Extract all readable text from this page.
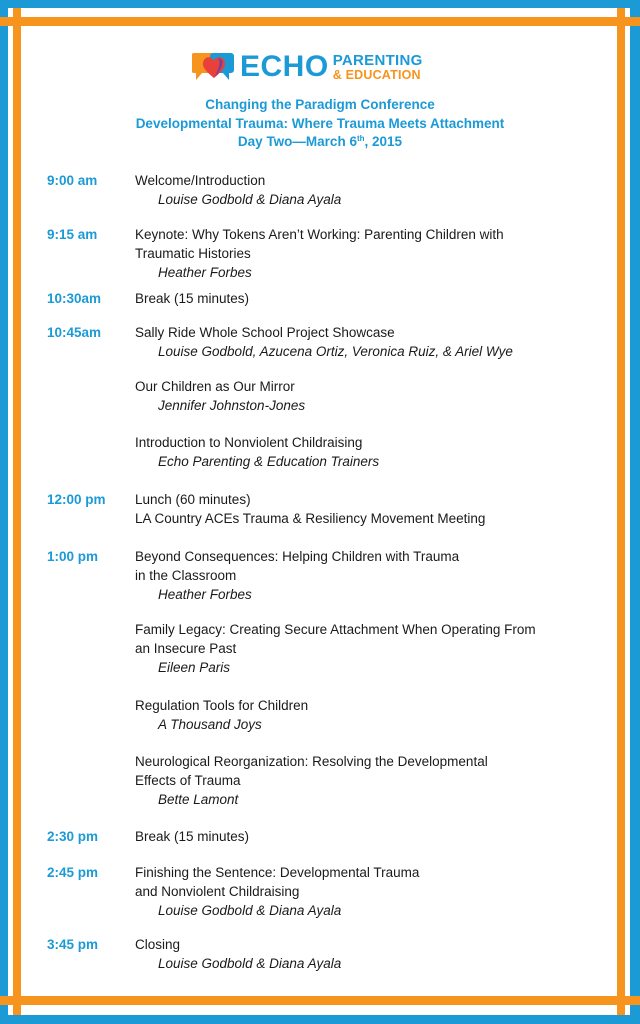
ECHO PARENTING
& EDUCATION
Changing the Paradigm Conference
Developmental Trauma: Where Trauma Meets Attachment
Day Two—March 6th, 2015
9:00 am	Welcome/Introduction
Louise Godbold & Diana Ayala
9:15 am	Keynote: Why Tokens Aren’t Working: Parenting Children with
Traumatic Histories
Heather Forbes
10:30am	Break (15 minutes)
10:45am	Sally Ride Whole School Project Showcase
Louise Godbold, Azucena Ortiz, Veronica Ruiz, & Ariel Wye
Our Children as Our Mirror
Jennifer Johnston-Jones
Introduction to Nonviolent Childraising
Echo Parenting & Education Trainers
12:00 pm Lunch (60 minutes)
LA Country ACEs Trauma & Resiliency Movement Meeting
1:00 pm	Beyond Consequences: Helping Children with Trauma
in the Classroom
Heather Forbes
Family Legacy: Creating Secure Attachment When Operating From
an Insecure Past
Eileen Paris
Regulation Tools for Children
A Thousand Joys
Neurological Reorganization: Resolving the Developmental
Effects of Trauma
Bette Lamont
2:30 pm	Break (15 minutes)
2:45 pm	Finishing the Sentence: Developmental Trauma
and Nonviolent Childraising
Louise Godbold & Diana Ayala
3:45 pm	Closing
Louise Godbold & Diana Ayala
